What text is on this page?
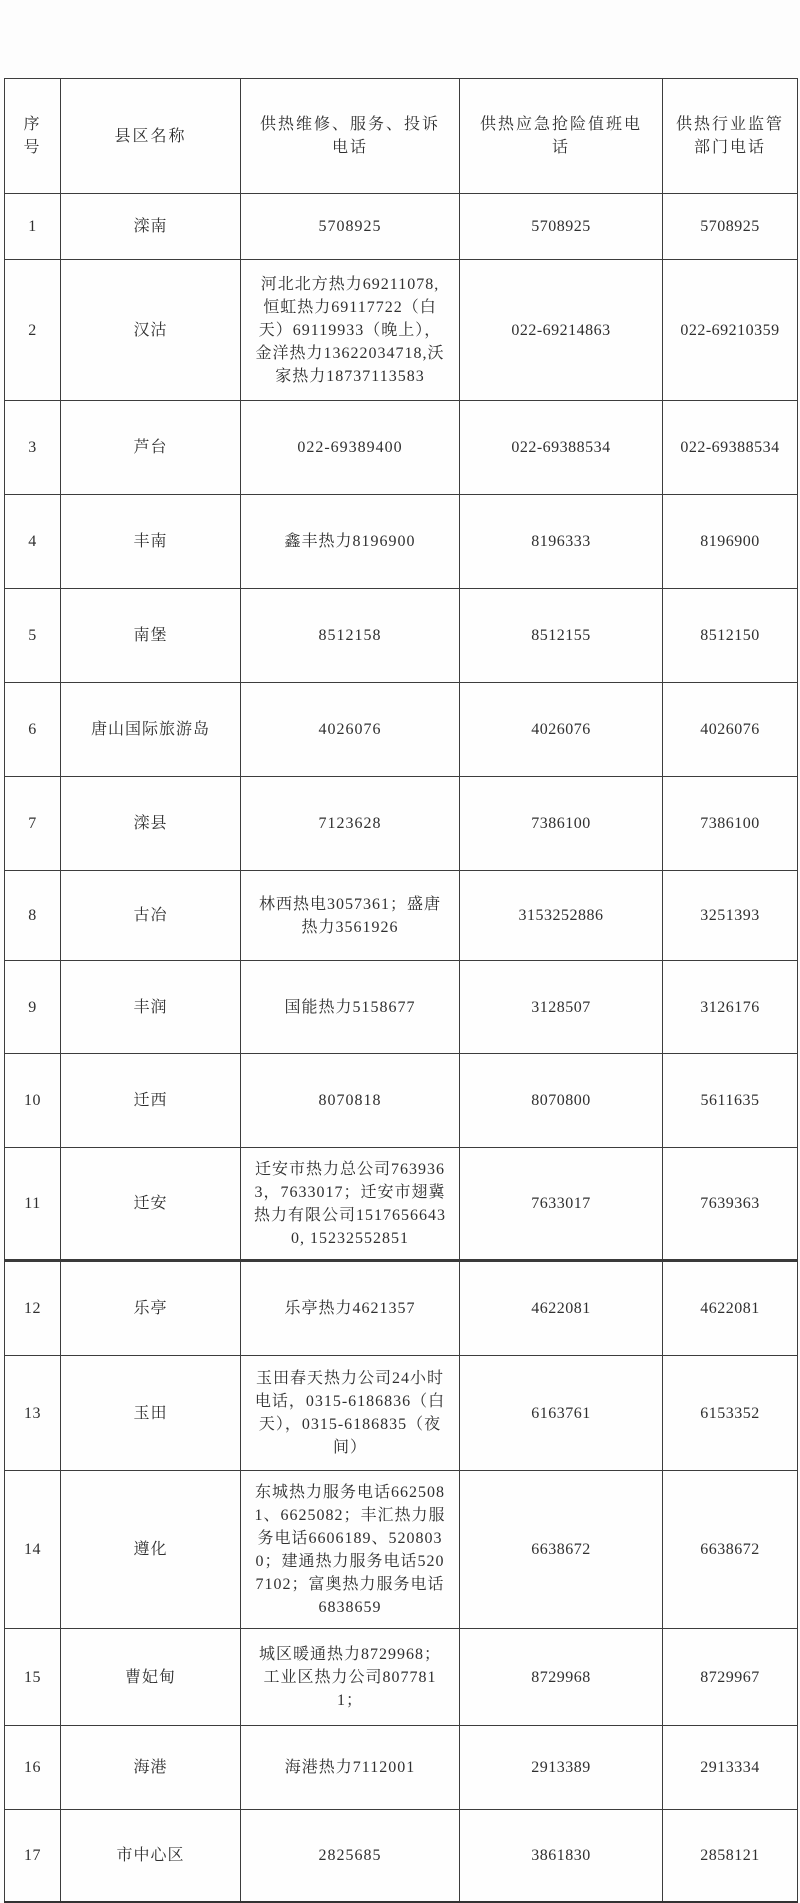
序号	县区名称	供热维修、服务、投诉电话	供热应急抢险值班电话	供热行业监管部门电话
1	滦南	5708925	5708925	5708925
2	汉沽	河北北方热力69211078,恒虹热力69117722（白天）69119933（晚上），金洋热力13622034718,沃家热力18737113583	022-69214863	022-69210359
3	芦台	022-69389400	022-69388534	022-69388534
4	丰南	鑫丰热力8196900	8196333	8196900
5	南堡	8512158	8512155	8512150
6	唐山国际旅游岛	4026076	4026076	4026076
7	滦县	7123628	7386100	7386100
8	古冶	林西热电3057361；盛唐热力3561926	3153252886	3251393
9	丰润	国能热力5158677	3128507	3126176
10	迁西	8070818	8070800	5611635
11	迁安	迁安市热力总公司7639363，7633017；迁安市翅冀热力有限公司15176566430, 15232552851	7633017	7639363
12	乐亭	乐亭热力4621357	4622081	4622081
13	玉田	玉田春天热力公司24小时电话，0315-6186836（白天），0315-6186835（夜间）	6163761	6153352
14	遵化	东城热力服务电话6625081、6625082；丰汇热力服务电话6606189、5208030；建通热力服务电话5207102；富奥热力服务电话6838659	6638672	6638672
15	曹妃甸	城区暖通热力8729968；工业区热力公司8077811；	8729968	8729967
16	海港	海港热力7112001	2913389	2913334
17	市中心区	2825685	3861830	2858121
